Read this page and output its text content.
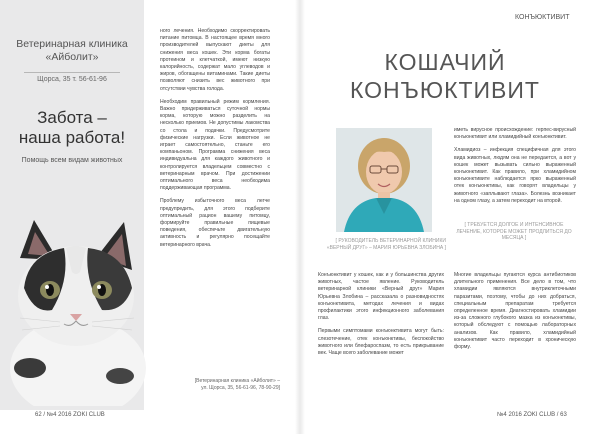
Ветеринарная клиника
«Айболит»
Щорса, 35 т. 56-61-96
Забота –
наша работа!
Помощь всем видам животных

ного лечения. Необходимо скорректировать питание питомца. В настоящее время много производителей выпускают диеты для снижения веса кошек. Эти корма богаты протеином и клетчаткой, имеют низкую калорийность, содержат мало углеводов и жиров, обогащены витаминами. Такие диеты позволяют снизить вес животного при отсутствии чувства голода.

Необходим правильный режим кормления. Важно придерживаться суточной нормы корма, которую можно разделить на несколько приемов. Не допустимы лакомства со стола и подачки. Предусмотрите физические нагрузки. Если животное не играет самостоятельно, станьте его компаньоном. Программа снижения веса индивидуальна для каждого животного и контролируется владельцем совместно с ветеринарным врачом. При достижении оптимального веса необходима поддерживающая программа.

Проблему избыточного веса легче предупредить, для этого подберите оптимальный рацион вашему питомцу, формируйте правильные пищевые поведения, обеспечьте двигательную активность и регулярно посещайте ветеринарного врача.

[Ветеринарная клиника «Айболит» –
ул. Щорса, 35, 56-61-96, 78-90-29]
62 / №4 2016 ZOKI CLUB
КОНЪЮКТИВИТ
КОШАЧИЙ
КОНЪЮКТИВИТ
[ РУКОВОДИТЕЛЬ ВЕТЕРИНАРНОЙ КЛИНИКИ «ВЕРНЫЙ ДРУГ» – МАРИЯ ЮРЬЕВНА ЗЛОБИНА ]

Конъюнктивит у кошек, как и у большинства других животных, частое явление. Руководитель ветеринарной клиники «Верный друг» Мария Юрьевна Злобина – рассказала о разновидностях конъюнктивита, методах лечения и видах профилактики этого инфекционного заболевания глаз.

Первыми симптомами конъюнктивита могут быть: слезотечение, отек конъюнктивы, беспокойство животного или блефароспазм, то есть прикрывание век. Чаще всего заболевание может

иметь вирусное происхождение: герпес-вирусный конъюнктивит или хламидийный конъюнктивит.

Хламидиоз – инфекция специфичная для этого вида животных, людям она не передается, а вот у кошек может вызывать сильно выраженный конъюнктивит. Как правило, при хламидийном конъюнктивите наблюдается ярко выраженный отек конъюнктивы, как говорят владельцы у животного «заплывают глаза». Болезнь возникает на одном глазу, а затем переходит на второй.

[ ТРЕБУЕТСЯ ДОЛГОЕ И ИНТЕНСИВНОЕ ЛЕЧЕНИЕ, КОТОРОЕ МОЖЕТ ПРОДЛИТЬСЯ ДО МЕСЯЦА ]

Многие владельцы пугаются курса антибиотиков длительного применения. Все дело в том, что хламидии являются внутриклеточными паразитами, поэтому, чтобы до них добраться, специальным препаратам требуется определенное время. Диагностировать хламидии из-за сложного глубокого мазка из конъюнктивы, который обследуют с помощью лабораторных анализов. Как правило, хламидийный конъюнктивит часто переходит в хроническую форму.

№4 2016 ZOKI CLUB / 63
